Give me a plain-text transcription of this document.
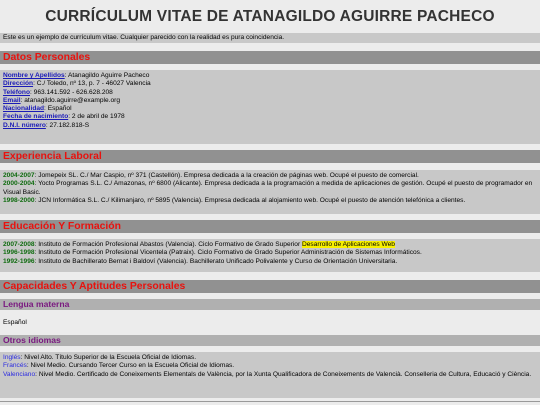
CURRÍCULUM VITAE DE ATANAGILDO AGUIRRE PACHECO
Este es un ejemplo de currículum vitae. Cualquier parecido con la realidad es pura coincidencia.
Datos Personales
Nombre y Apellidos: Atanagildo Aguirre Pacheco
Dirección: C./ Toledo, nº 13, p. 7 - 46027 Valencia
Teléfono: 963.141.592 - 626.628.208
Email: atanagildo.aguirre@example.org
Nacionalidad: Español
Fecha de nacimiento: 2 de abril de 1978
D.N.I. número: 27.182.818-S
Experiencia Laboral
2004-2007: Jomepeix SL. C./ Mar Caspio, nº 371 (Castellón). Empresa dedicada a la creación de páginas web. Ocupé el puesto de comercial.
2000-2004: Yocto Programas S.L. C./ Amazonas, nº 6800 (Alicante). Empresa dedicada a la programación a medida de aplicaciones de gestión. Ocupé el puesto de programador en Visual Basic.
1998-2000: JCN Informática S.L. C./ Kilimanjaro, nº 5895 (Valencia). Empresa dedicada al alojamiento web. Ocupé el puesto de atención telefónica a clientes.
Educación Y Formación
2007-2008: Instituto de Formación Profesional Abastos (Valencia). Ciclo Formativo de Grado Superior Desarrollo de Aplicaciones Web
1996-1998: Instituto de Formación Profesional Vicentela (Patraix). Ciclo Formativo de Grado Superior Administración de Sistemas Informáticos.
1992-1996: Instituto de Bachillerato Bernat i Baldoví (Valencia). Bachillerato Unificado Polivalente y Curso de Orientación Universitaria.
Capacidades Y Aptitudes Personales
Lengua materna
Español
Otros idiomas
Inglés: Nivel Alto. Título Superior de la Escuela Oficial de Idiomas.
Francés: Nivel Medio. Cursando Tercer Curso en la Escuela Oficial de Idiomas.
Valenciano: Nivel Medio. Certificado de Coneixements Elementals de València, por la Xunta Qualificadora de Coneixements de Valencià. Conselleria de Cultura, Educació y Ciència.
